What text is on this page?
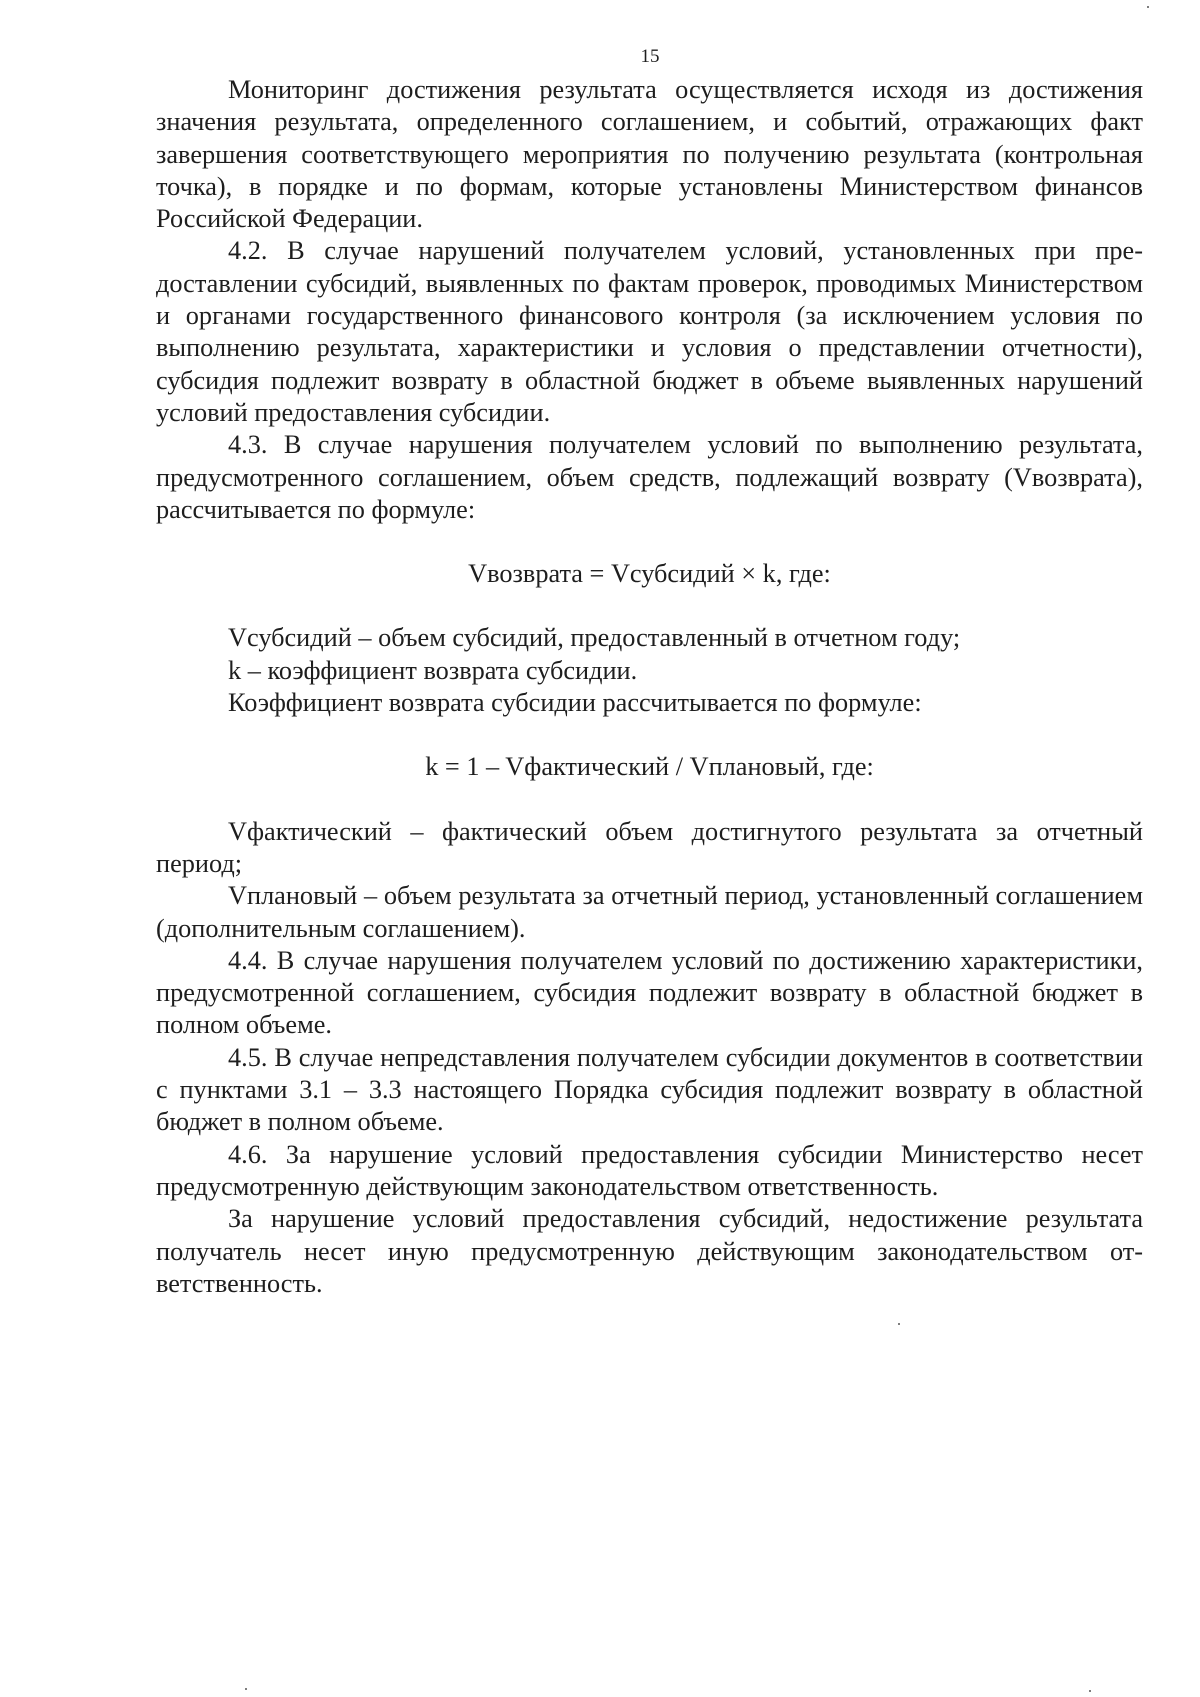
15

Мониторинг достижения результата осуществляется исходя из достижения значения результата, определенного соглашением, и событий, отражающих факт завершения соответствующего мероприятия по получению результата (контрольная точка), в порядке и по формам, которые установлены Министерством финансов Российской Федерации.

4.2. В случае нарушений получателем условий, установленных при предоставлении субсидий, выявленных по фактам проверок, проводимых Министерством и органами государственного финансового контроля (за исключением условия по выполнению результата, характеристики и условия о представлении отчетности), субсидия подлежит возврату в областной бюджет в объеме выявленных нарушений условий предоставления субсидии.

4.3. В случае нарушения получателем условий по выполнению результата, предусмотренного соглашением, объем средств, подлежащий возврату (Vвозврата), рассчитывается по формуле:

Vвозврата = Vсубсидий × k, где:

Vсубсидий – объем субсидий, предоставленный в отчетном году;

k – коэффициент возврата субсидии.

Коэффициент возврата субсидии рассчитывается по формуле:

k = 1 – Vфактический / Vплановый, где:

Vфактический – фактический объем достигнутого результата за отчетный период;

Vплановый – объем результата за отчетный период, установленный соглашением (дополнительным соглашением).

4.4. В случае нарушения получателем условий по достижению характеристики, предусмотренной соглашением, субсидия подлежит возврату в областной бюджет в полном объеме.

4.5. В случае непредставления получателем субсидии документов в соответствии с пунктами 3.1 – 3.3 настоящего Порядка субсидия подлежит возврату в областной бюджет в полном объеме.

4.6. За нарушение условий предоставления субсидии Министерство несет предусмотренную действующим законодательством ответственность.

За нарушение условий предоставления субсидий, недостижение результата получатель несет иную предусмотренную действующим законодательством ответственность.
